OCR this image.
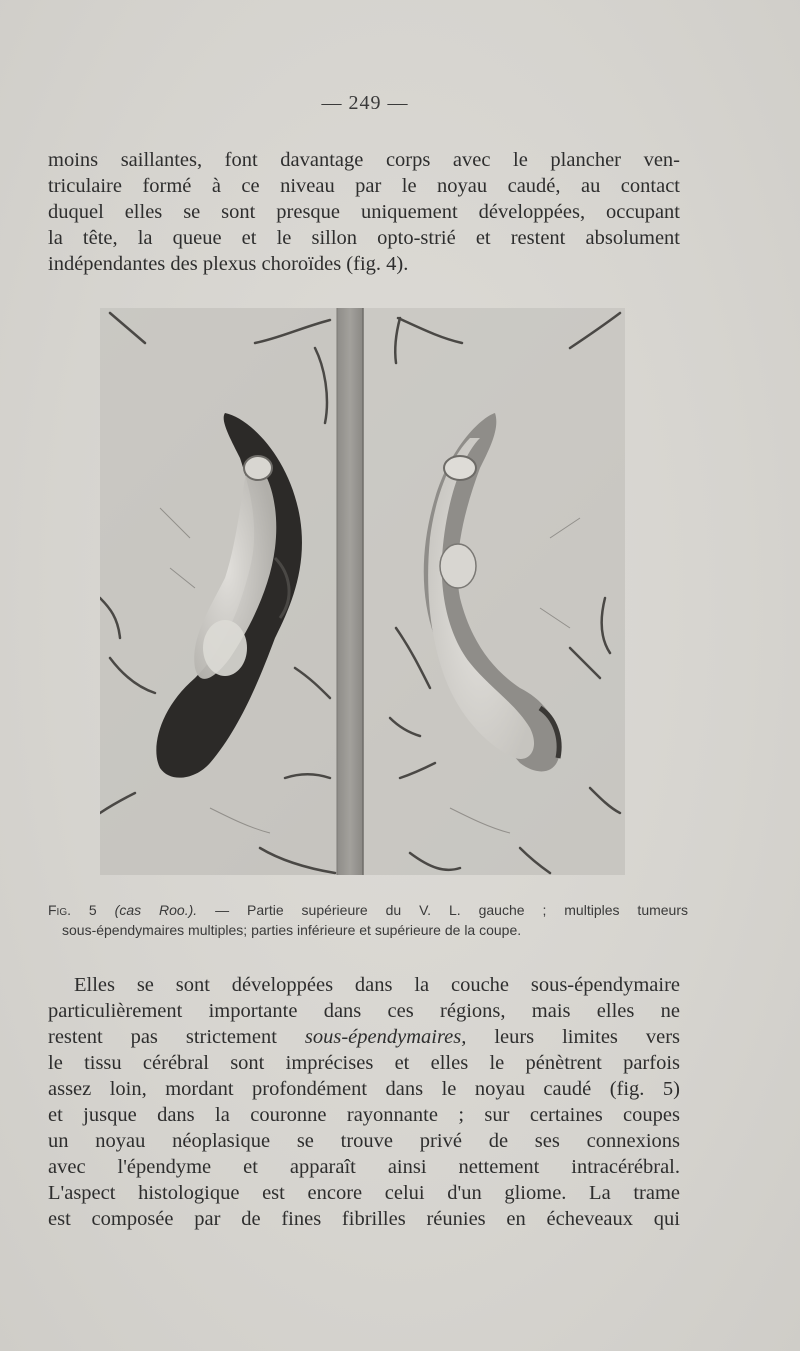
— 249 —
moins saillantes, font davantage corps avec le plancher ven-
triculaire formé à ce niveau par le noyau caudé, au contact
duquel elles se sont presque uniquement développées, occupant
la tête, la queue et le sillon opto-strié et restent absolument
indépendantes des plexus choroïdes (fig. 4).
Fig. 5 (cas Roo.). — Partie supérieure du V. L. gauche ; multiples tumeurs
sous-épendymaires multiples; parties inférieure et supérieure de la coupe.
Elles se sont développées dans la couche sous-épendymaire
particulièrement importante dans ces régions, mais elles ne
restent pas strictement sous-épendymaires, leurs limites vers
le tissu cérébral sont imprécises et elles le pénètrent parfois
assez loin, mordant profondément dans le noyau caudé (fig. 5)
et jusque dans la couronne rayonnante ; sur certaines coupes
un noyau néoplasique se trouve privé de ses connexions
avec l'épendyme et apparaît ainsi nettement intracérébral.
L'aspect histologique est encore celui d'un gliome. La trame
est composée par de fines fibrilles réunies en écheveaux qui
